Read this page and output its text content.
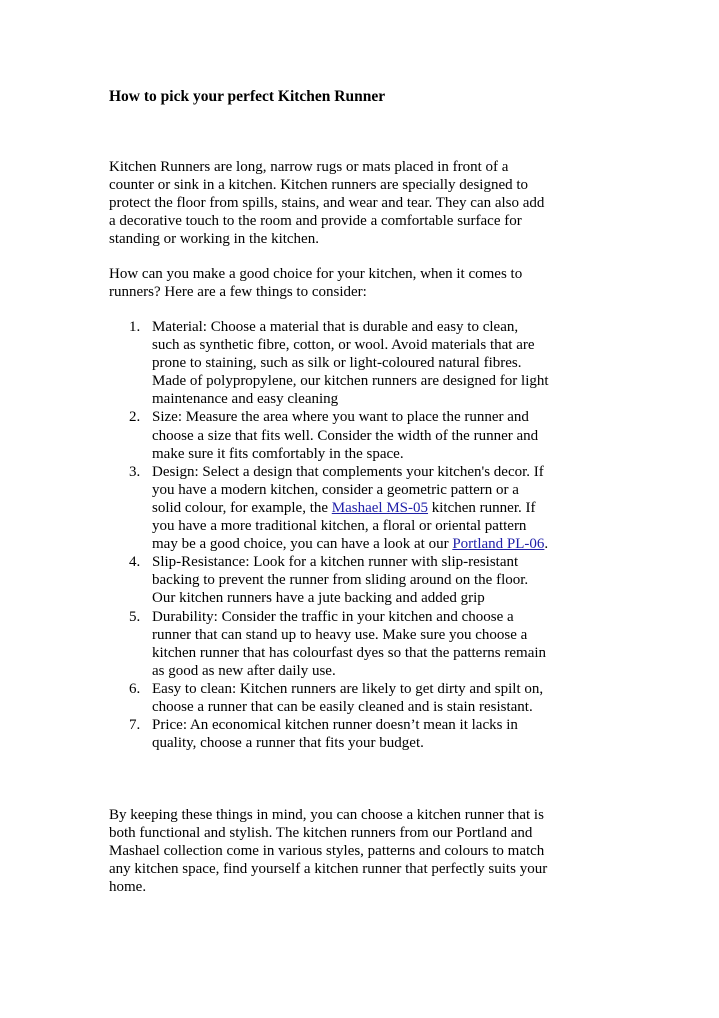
How to pick your perfect Kitchen Runner

Kitchen Runners are long, narrow rugs or mats placed in front of a counter or sink in a kitchen. Kitchen runners are specially designed to protect the floor from spills, stains, and wear and tear. They can also add a decorative touch to the room and provide a comfortable surface for standing or working in the kitchen.

How can you make a good choice for your kitchen, when it comes to runners? Here are a few things to consider:

1. Material: Choose a material that is durable and easy to clean, such as synthetic fibre, cotton, or wool. Avoid materials that are prone to staining, such as silk or light-coloured natural fibres. Made of polypropylene, our kitchen runners are designed for light maintenance and easy cleaning
2. Size: Measure the area where you want to place the runner and choose a size that fits well. Consider the width of the runner and make sure it fits comfortably in the space.
3. Design: Select a design that complements your kitchen's decor. If you have a modern kitchen, consider a geometric pattern or a solid colour, for example, the Mashael MS-05 kitchen runner. If you have a more traditional kitchen, a floral or oriental pattern may be a good choice, you can have a look at our Portland PL-06.
4. Slip-Resistance: Look for a kitchen runner with slip-resistant backing to prevent the runner from sliding around on the floor. Our kitchen runners have a jute backing and added grip
5. Durability: Consider the traffic in your kitchen and choose a runner that can stand up to heavy use. Make sure you choose a kitchen runner that has colourfast dyes so that the patterns remain as good as new after daily use.
6. Easy to clean: Kitchen runners are likely to get dirty and spilt on, choose a runner that can be easily cleaned and is stain resistant.
7. Price: An economical kitchen runner doesn’t mean it lacks in quality, choose a runner that fits your budget.

By keeping these things in mind, you can choose a kitchen runner that is both functional and stylish. The kitchen runners from our Portland and Mashael collection come in various styles, patterns and colours to match any kitchen space, find yourself a kitchen runner that perfectly suits your home.
